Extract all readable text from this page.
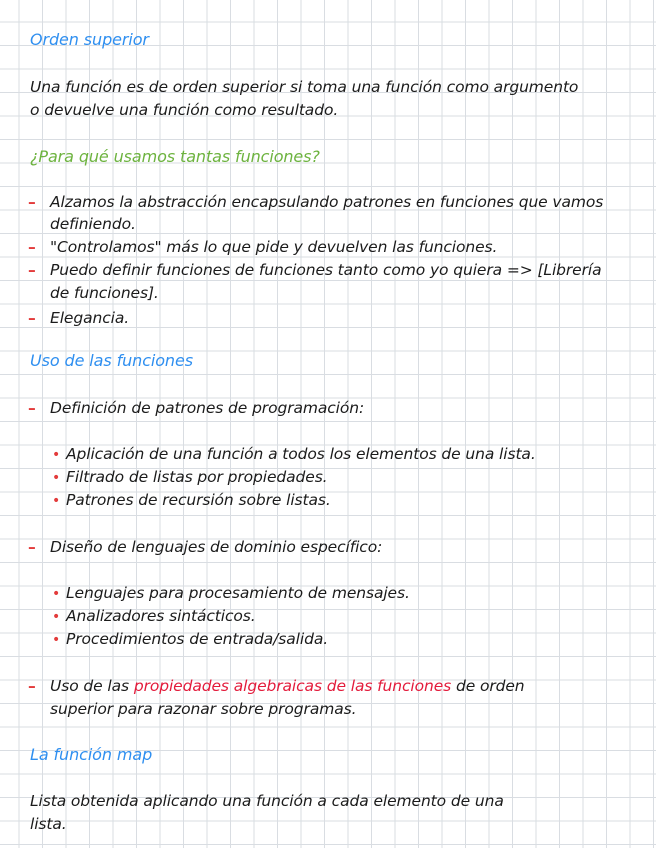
Orden superior
Una función es de orden superior si toma una función como argumento
o devuelve una función como resultado.
¿Para qué usamos tantas funciones?
– Alzamos la abstracción encapsulando patrones en funciones que vamos
definiendo.
– "Controlamos" más lo que pide y devuelven las funciones.
– Puedo definir funciones de funciones tanto como yo quiera => [Librería
de funciones].
– Elegancia.
Uso de las funciones
– Definición de patrones de programación:
• Aplicación de una función a todos los elementos de una lista.
• Filtrado de listas por propiedades.
• Patrones de recursión sobre listas.
– Diseño de lenguajes de dominio específico:
• Lenguajes para procesamiento de mensajes.
• Analizadores sintácticos.
• Procedimientos de entrada/salida.
– Uso de las propiedades algebraicas de las funciones de orden
superior para razonar sobre programas.
La función map
Lista obtenida aplicando una función a cada elemento de una
lista.
